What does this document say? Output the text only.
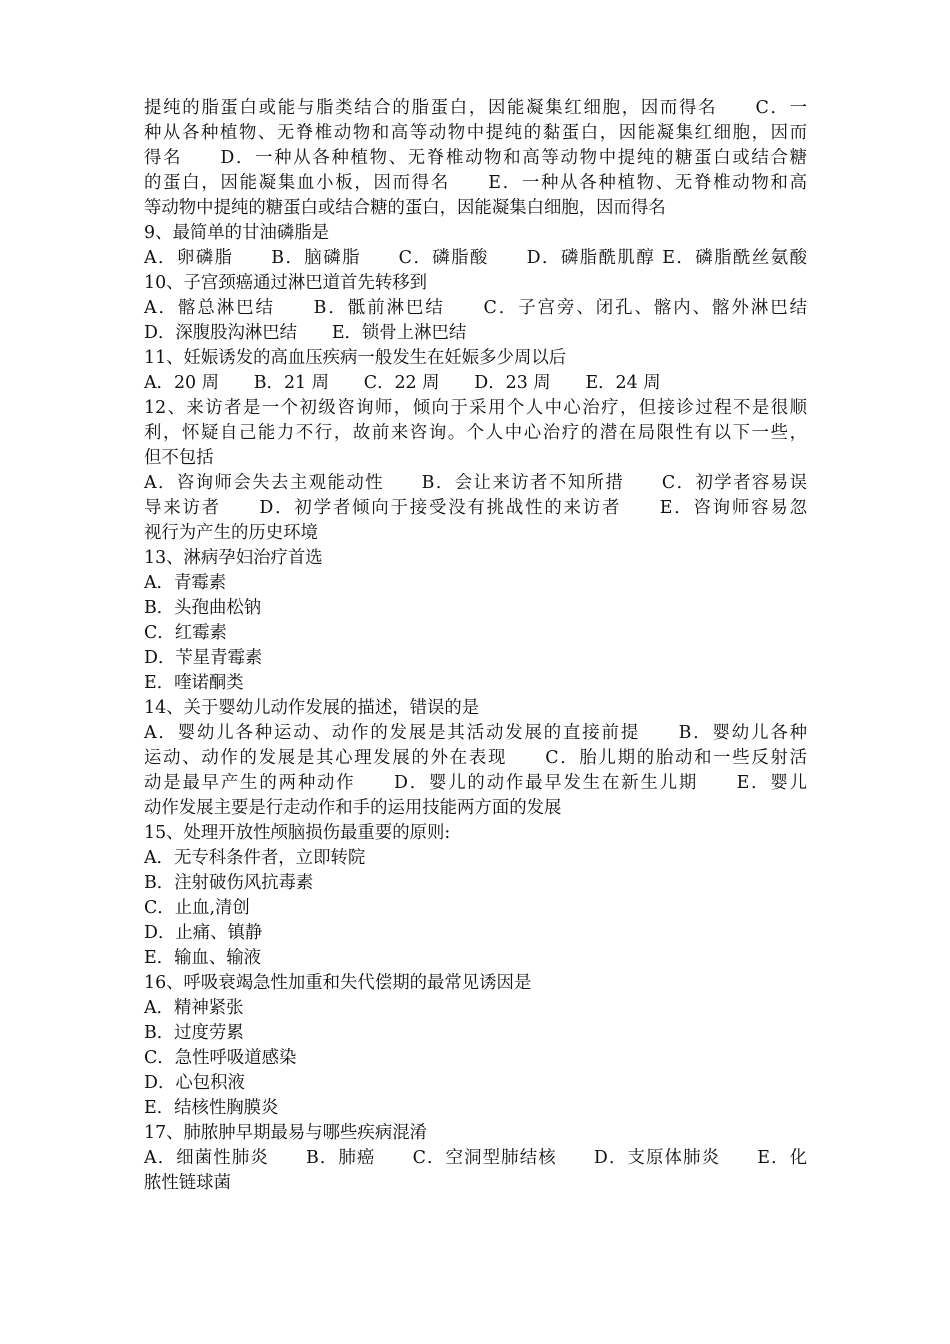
提纯的脂蛋白或能与脂类结合的脂蛋白，因能凝集红细胞，因而得名　　C．一
种从各种植物、无脊椎动物和高等动物中提纯的黏蛋白，因能凝集红细胞，因而
得名　　D．一种从各种植物、无脊椎动物和高等动物中提纯的糖蛋白或结合糖
的蛋白，因能凝集血小板，因而得名　　E．一种从各种植物、无脊椎动物和高
等动物中提纯的糖蛋白或结合糖的蛋白，因能凝集白细胞，因而得名
9、最简单的甘油磷脂是
A．卵磷脂　　B．脑磷脂　　C．磷脂酸　　D．磷脂酰肌醇 E．磷脂酰丝氨酸
10、子宫颈癌通过淋巴道首先转移到
A．髂总淋巴结　　B．骶前淋巴结　　C．子宫旁、闭孔、髂内、髂外淋巴结
D．深腹股沟淋巴结　　E．锁骨上淋巴结
11、妊娠诱发的高血压疾病一般发生在妊娠多少周以后
A．20 周　　B．21 周　　C．22 周　　D．23 周　　E．24 周
12、来访者是一个初级咨询师，倾向于采用个人中心治疗，但接诊过程不是很顺
利，怀疑自己能力不行，故前来咨询。个人中心治疗的潜在局限性有以下一些，
但不包括
A．咨询师会失去主观能动性　　B．会让来访者不知所措　　C．初学者容易误
导来访者　　D．初学者倾向于接受没有挑战性的来访者　　E．咨询师容易忽
视行为产生的历史环境
13、淋病孕妇治疗首选
A．青霉素
B．头孢曲松钠
C．红霉素
D．苄星青霉素
E．喹诺酮类
14、关于婴幼儿动作发展的描述，错误的是
A．婴幼儿各种运动、动作的发展是其活动发展的直接前提　　B．婴幼儿各种
运动、动作的发展是其心理发展的外在表现　　C．胎儿期的胎动和一些反射活
动是最早产生的两种动作　　D．婴儿的动作最早发生在新生儿期　　E．婴儿
动作发展主要是行走动作和手的运用技能两方面的发展
15、处理开放性颅脑损伤最重要的原则:
A．无专科条件者，立即转院
B．注射破伤风抗毒素
C．止血,清创
D．止痛、镇静
E．输血、输液
16、呼吸衰竭急性加重和失代偿期的最常见诱因是
A．精神紧张
B．过度劳累
C．急性呼吸道感染
D．心包积液
E．结核性胸膜炎
17、肺脓肿早期最易与哪些疾病混淆
A．细菌性肺炎　　B．肺癌　　C．空洞型肺结核　　D．支原体肺炎　　E．化
脓性链球菌
